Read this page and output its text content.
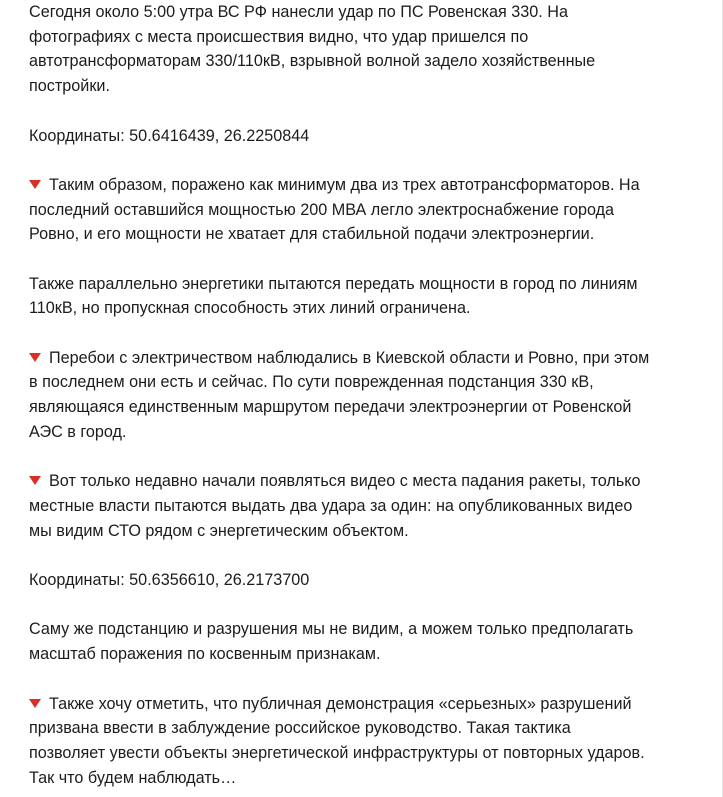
Сегодня около 5:00 утра ВС РФ нанесли удар по ПС Ровенская 330. На

фотографиях с места происшествия видно, что удар пришелся по

автотрансформаторам 330/110кВ, взрывной волной задело хозяйственные

постройки.

Координаты: 50.6416439, 26.2250844

Таким образом, поражено как минимум два из трех автотрансформаторов. На

последний оставшийся мощностью 200 МВА легло электроснабжение города

Ровно, и его мощности не хватает для стабильной подачи электроэнергии.

Также параллельно энергетики пытаются передать мощности в город по линиям

110кВ, но пропускная способность этих линий ограничена.

Перебои с электричеством наблюдались в Киевской области и Ровно, при этом

в последнем они есть и сейчас. По сути поврежденная подстанция 330 кВ,

являющаяся единственным маршрутом передачи электроэнергии от Ровенской

АЭС в город.

Вот только недавно начали появляться видео с места падания ракеты, только

местные власти пытаются выдать два удара за один: на опубликованных видео

мы видим СТО рядом с энергетическим объектом.

Координаты: 50.6356610, 26.2173700

Саму же подстанцию и разрушения мы не видим, а можем только предполагать

масштаб поражения по косвенным признакам.

Также хочу отметить, что публичная демонстрация «серьезных» разрушений

призвана ввести в заблуждение российское руководство. Такая тактика

позволяет увести объекты энергетической инфраструктуры от повторных ударов.

Так что будем наблюдать…
